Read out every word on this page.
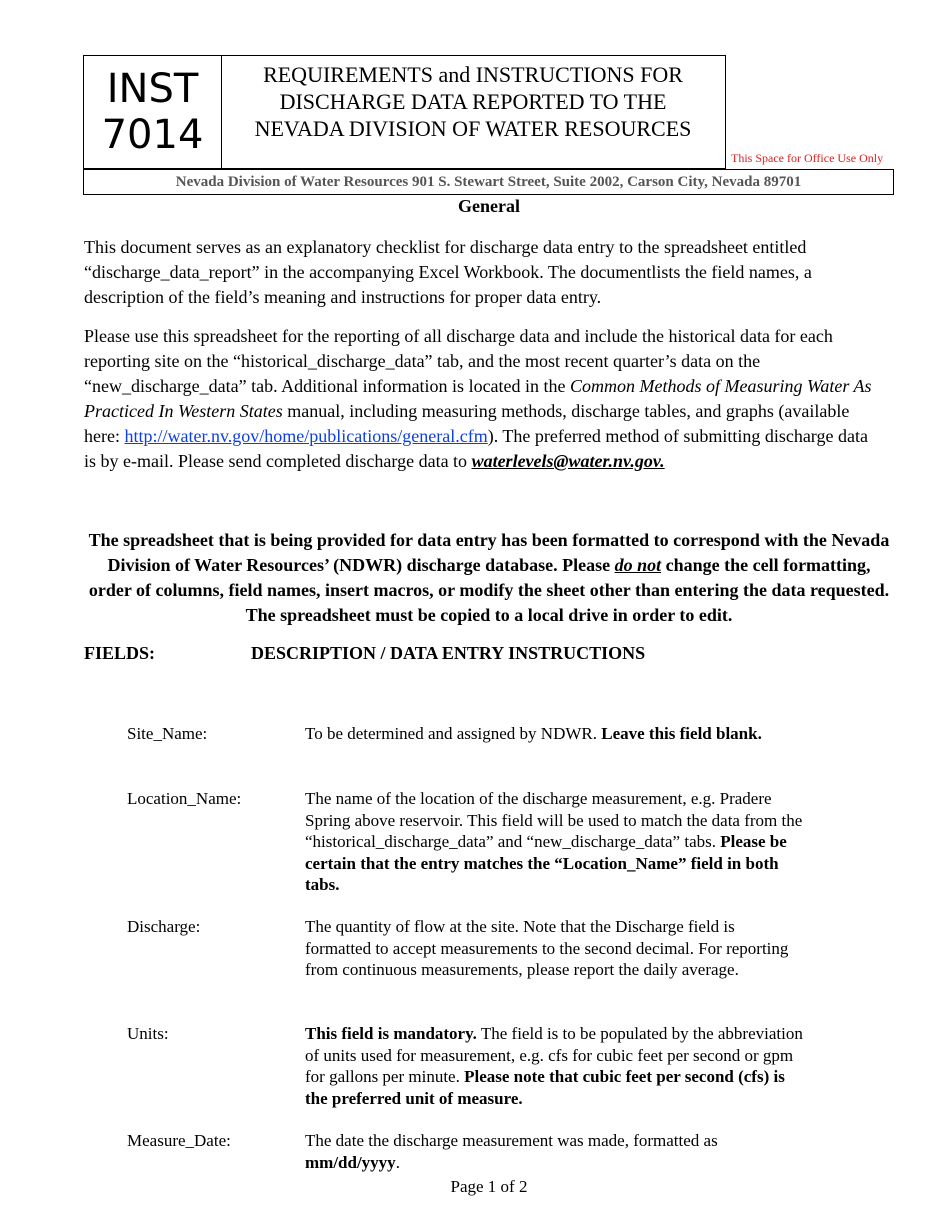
INST
7014
REQUIREMENTS and INSTRUCTIONS FOR
DISCHARGE DATA REPORTED TO THE
NEVADA DIVISION OF WATER RESOURCES
This Space for Office Use Only
Nevada Division of Water Resources 901 S. Stewart Street, Suite 2002, Carson City, Nevada 89701
General
This document serves as an explanatory checklist for discharge data entry to the spreadsheet entitled “discharge_data_report” in the accompanying Excel Workbook. The documentlists the field names, a description of the field’s meaning and instructions for proper data entry.
Please use this spreadsheet for the reporting of all discharge data and include the historical data for each reporting site on the “historical_discharge_data” tab, and the most recent quarter’s data on the “new_discharge_data” tab. Additional information is located in the Common Methods of Measuring Water As Practiced In Western States manual, including measuring methods, discharge tables, and graphs (available here: http://water.nv.gov/home/publications/general.cfm). The preferred method of submitting discharge data is by e-mail. Please send completed discharge data to waterlevels@water.nv.gov.
The spreadsheet that is being provided for data entry has been formatted to correspond with the Nevada Division of Water Resources’ (NDWR) discharge database. Please do not change the cell formatting, order of columns, field names, insert macros, or modify the sheet other than entering the data requested. The spreadsheet must be copied to a local drive in order to edit.
FIELDS:	DESCRIPTION / DATA ENTRY INSTRUCTIONS
Site_Name:	To be determined and assigned by NDWR. Leave this field blank.
Location_Name:	The name of the location of the discharge measurement, e.g. Pradere Spring above reservoir. This field will be used to match the data from the “historical_discharge_data” and “new_discharge_data” tabs. Please be certain that the entry matches the “Location_Name” field in both tabs.
Discharge:	The quantity of flow at the site. Note that the Discharge field is formatted to accept measurements to the second decimal. For reporting from continuous measurements, please report the daily average.
Units:	This field is mandatory. The field is to be populated by the abbreviation of units used for measurement, e.g. cfs for cubic feet per second or gpm for gallons per minute. Please note that cubic feet per second (cfs) is the preferred unit of measure.
Measure_Date:	The date the discharge measurement was made, formatted as mm/dd/yyyy.
Page 1 of 2
